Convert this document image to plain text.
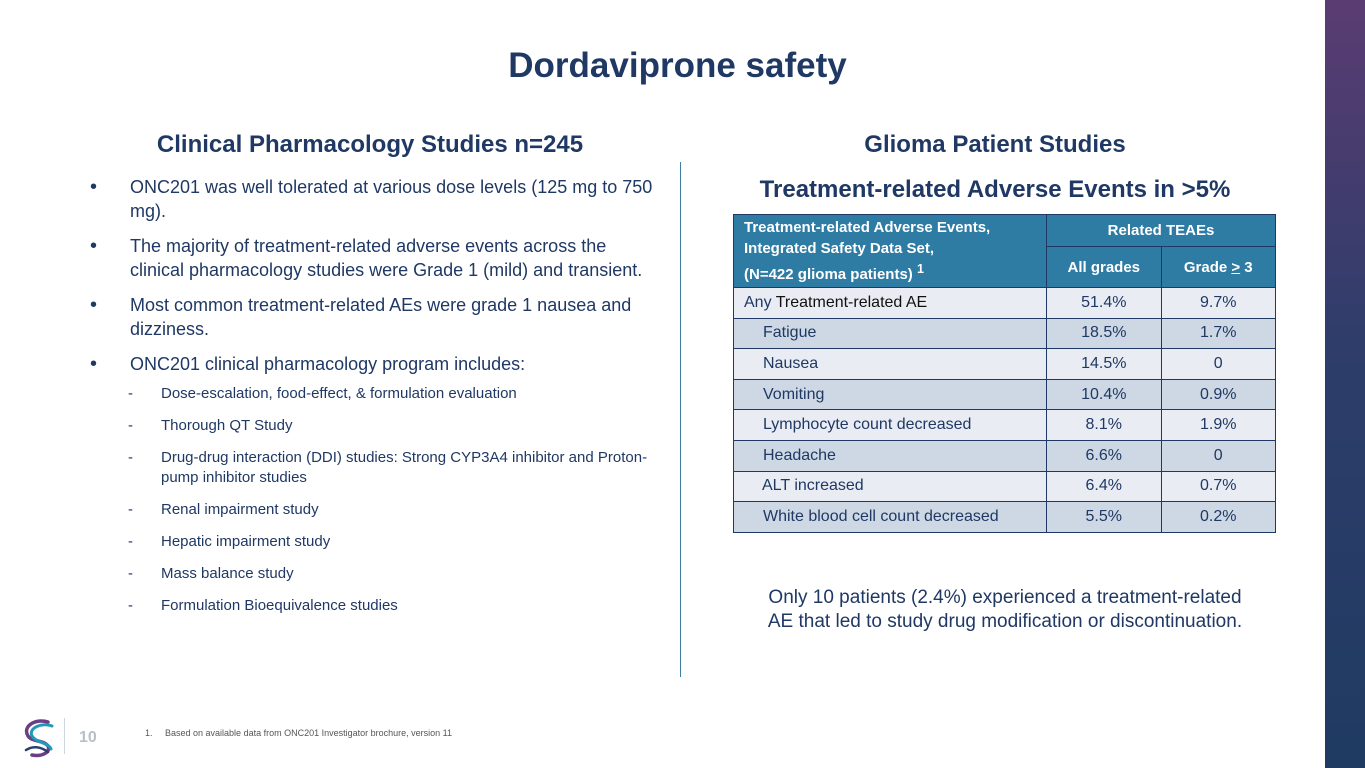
Dordaviprone safety
Clinical Pharmacology Studies n=245
• ONC201 was well tolerated at various dose levels (125 mg to 750 mg).
• The majority of treatment-related adverse events across the clinical pharmacology studies were Grade 1 (mild) and transient.
• Most common treatment-related AEs were grade 1 nausea and dizziness.
• ONC201 clinical pharmacology program includes:
- Dose-escalation, food-effect, & formulation evaluation
- Thorough QT Study
- Drug-drug interaction (DDI) studies: Strong CYP3A4 inhibitor and Proton-pump inhibitor studies
- Renal impairment study
- Hepatic impairment study
- Mass balance study
- Formulation Bioequivalence studies
Glioma Patient Studies
Treatment-related Adverse Events in >5%
Treatment-related Adverse Events,
Integrated Safety Data Set,
(N=422 glioma patients) $^1$	Related TEAEs	
	All grades	Grade ≥ 3
Any Treatment-related AE	51.4%	9.7%
Fatigue	18.5%	1.7%
Nausea	14.5%	0
Vomiting	10.4%	0.9%
Lymphocyte count decreased	8.1%	1.9%
Headache	6.6%	0
ALT increased	6.4%	0.7%
White blood cell count decreased	5.5%	0.2%

Only 10 patients (2.4%) experienced a treatment-related
AE that led to study drug modification or discontinuation.

10	1.     Based on available data from ONC201 Investigator brochure, version 11
